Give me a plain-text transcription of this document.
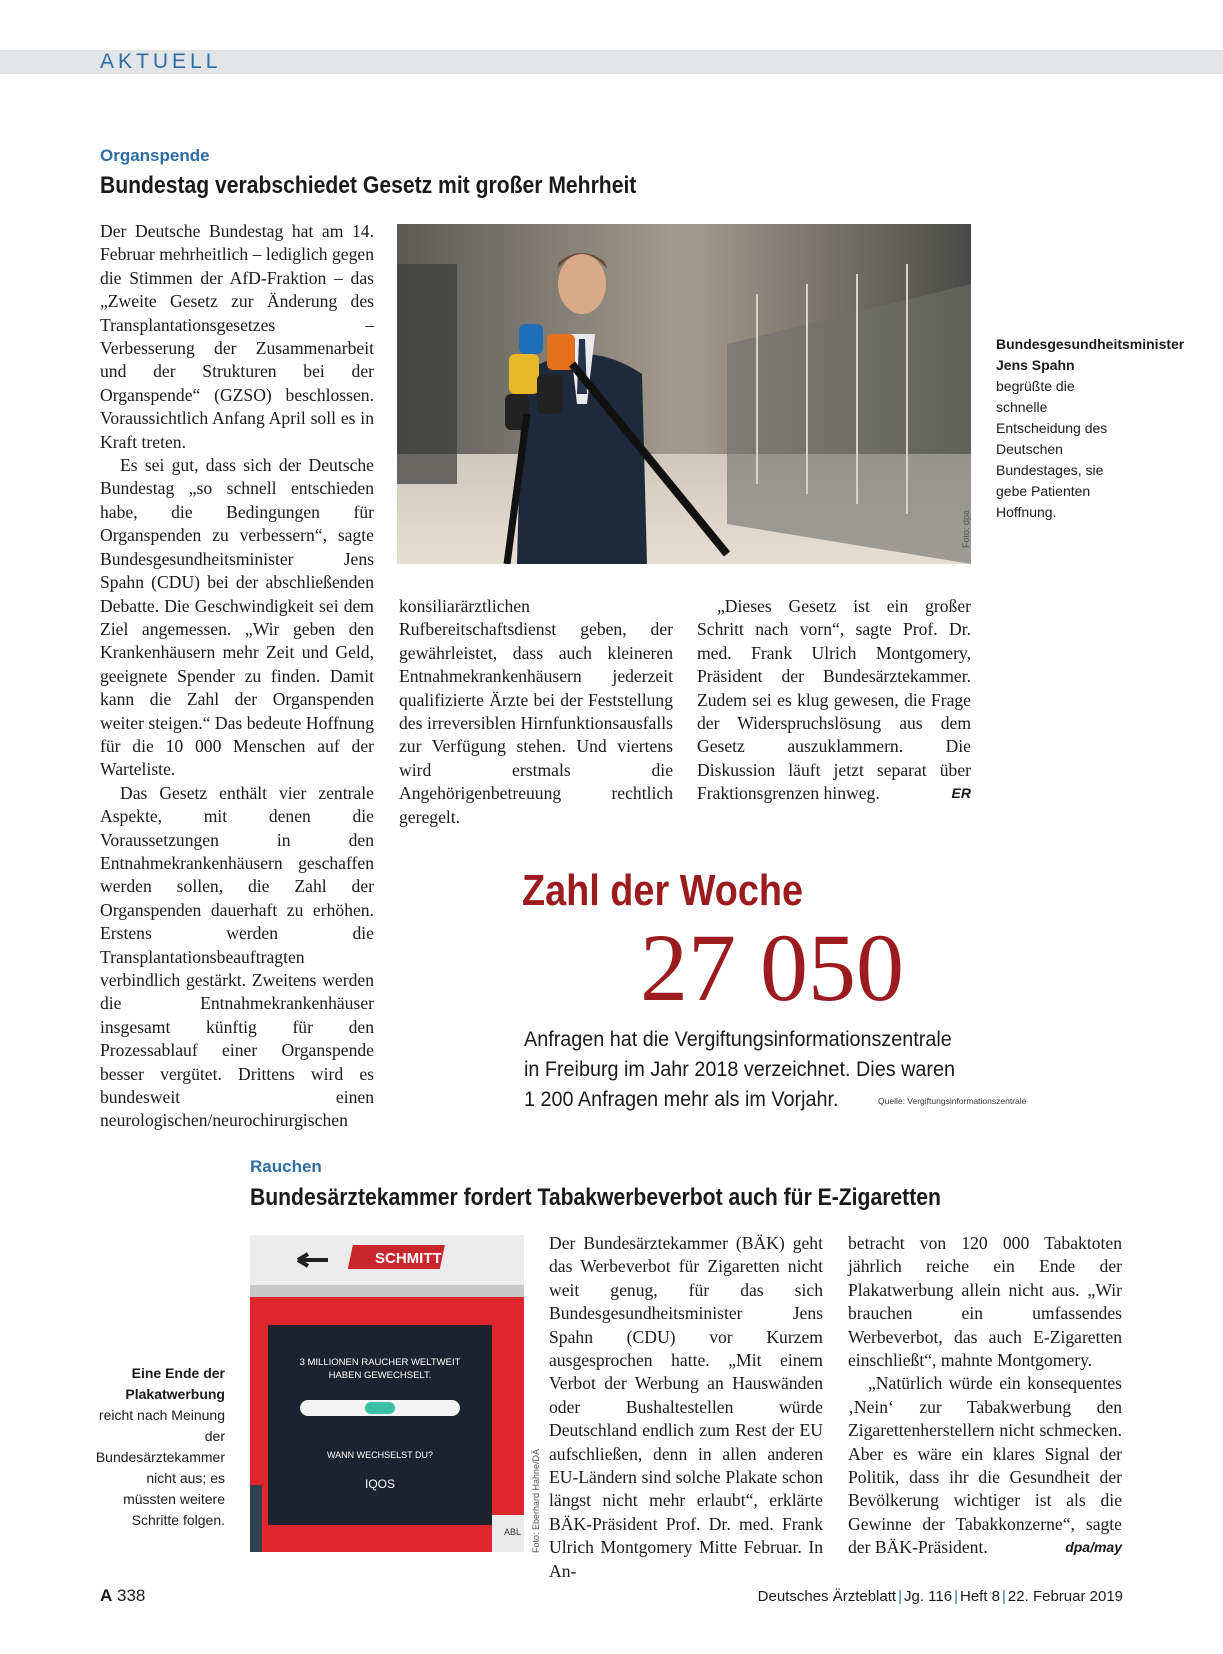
AKTUELL
Organspende
Bundestag verabschiedet Gesetz mit großer Mehrheit

Der Deutsche Bundestag hat am 14. Februar mehrheitlich – lediglich gegen die Stimmen der AfD-Fraktion – das „Zweite Gesetz zur Änderung des Transplantationsgesetzes – Verbesserung der Zusammenarbeit und der Strukturen bei der Organspende“ (GZSO) beschlossen. Voraussichtlich Anfang April soll es in Kraft treten.

Es sei gut, dass sich der Deutsche Bundestag „so schnell entschieden habe, die Bedingungen für Organspenden zu verbessern“, sagte Bundesgesundheitsminister Jens Spahn (CDU) bei der abschließenden Debatte. Die Geschwindigkeit sei dem Ziel angemessen. „Wir geben den Krankenhäusern mehr Zeit und Geld, geeignete Spender zu finden. Damit kann die Zahl der Organspenden weiter steigen.“ Das bedeute Hoffnung für die 10 000 Menschen auf der Warteliste.

Das Gesetz enthält vier zentrale Aspekte, mit denen die Voraussetzungen in den Entnahmekrankenhäusern geschaffen werden sollen, die Zahl der Organspenden dauerhaft zu erhöhen. Erstens werden die Transplantationsbeauftragten verbindlich gestärkt. Zweitens werden die Entnahmekrankenhäuser insgesamt künftig für den Prozessablauf einer Organspende besser vergütet. Drittens wird es bundesweit einen neurologischen/neurochirurgischen

Foto: dpa
Bundesgesundheitsminister Jens Spahn begrüßte die schnelle Entscheidung des Deutschen Bundestages, sie gebe Patienten Hoffnung.

konsiliarärztlichen Rufbereitschaftsdienst geben, der gewährleistet, dass auch kleineren Entnahmekrankenhäusern jederzeit qualifizierte Ärzte bei der Feststellung des irreversiblen Hirnfunktionsausfalls zur Verfügung stehen. Und viertens wird erstmals die Angehörigenbetreuung rechtlich geregelt.

„Dieses Gesetz ist ein großer Schritt nach vorn“, sagte Prof. Dr. med. Frank Ulrich Montgomery, Präsident der Bundesärztekammer. Zudem sei es klug gewesen, die Frage der Widerspruchslösung aus dem Gesetz auszuklammern. Die Diskussion läuft jetzt separat über Fraktionsgrenzen hinweg.	ER

Zahl der Woche
27 050
Anfragen hat die Vergiftungsinformationszentrale
in Freiburg im Jahr 2018 verzeichnet. Dies waren
1 200 Anfragen mehr als im Vorjahr.	Quelle: Vergiftungsinformationszentrale
Rauchen
Bundesärztekammer fordert Tabakwerbeverbot auch für E-Zigaretten
Eine Ende der Plakatwerbung reicht nach Meinung der Bundesärztekammer nicht aus; es müssten weitere Schritte folgen.
SCHMITT
3 MILLIONEN RAUCHER WELTWEIT
HABEN GEWECHSELT.
WANN WECHSELST DU?
IQOS
ABL Foto: Eberhard Hahne/DÄ

Der Bundesärztekammer (BÄK) geht das Werbeverbot für Zigaretten nicht weit genug, für das sich Bundesgesundheitsminister Jens Spahn (CDU) vor Kurzem ausgesprochen hatte. „Mit einem Verbot der Werbung an Hauswänden oder Bushaltestellen würde Deutschland endlich zum Rest der EU aufschließen, denn in allen anderen EU-Ländern sind solche Plakate schon längst nicht mehr erlaubt“, erklärte BÄK-Präsident Prof. Dr. med. Frank Ulrich Montgomery Mitte Februar. In An-

betracht von 120 000 Tabaktoten jährlich reiche ein Ende der Plakatwerbung allein nicht aus. „Wir brauchen ein umfassendes Werbeverbot, das auch E-Zigaretten einschließt“, mahnte Montgomery.

„Natürlich würde ein konsequentes ‚Nein‘ zur Tabakwerbung den Zigarettenherstellern nicht schmecken. Aber es wäre ein klares Signal der Politik, dass ihr die Gesundheit der Bevölkerung wichtiger ist als die Gewinne der Tabakkonzerne“, sagte der BÄK-Präsident.	dpa/may

A 338	Deutsches Ärzteblatt | Jg. 116 | Heft 8 | 22. Februar 2019
